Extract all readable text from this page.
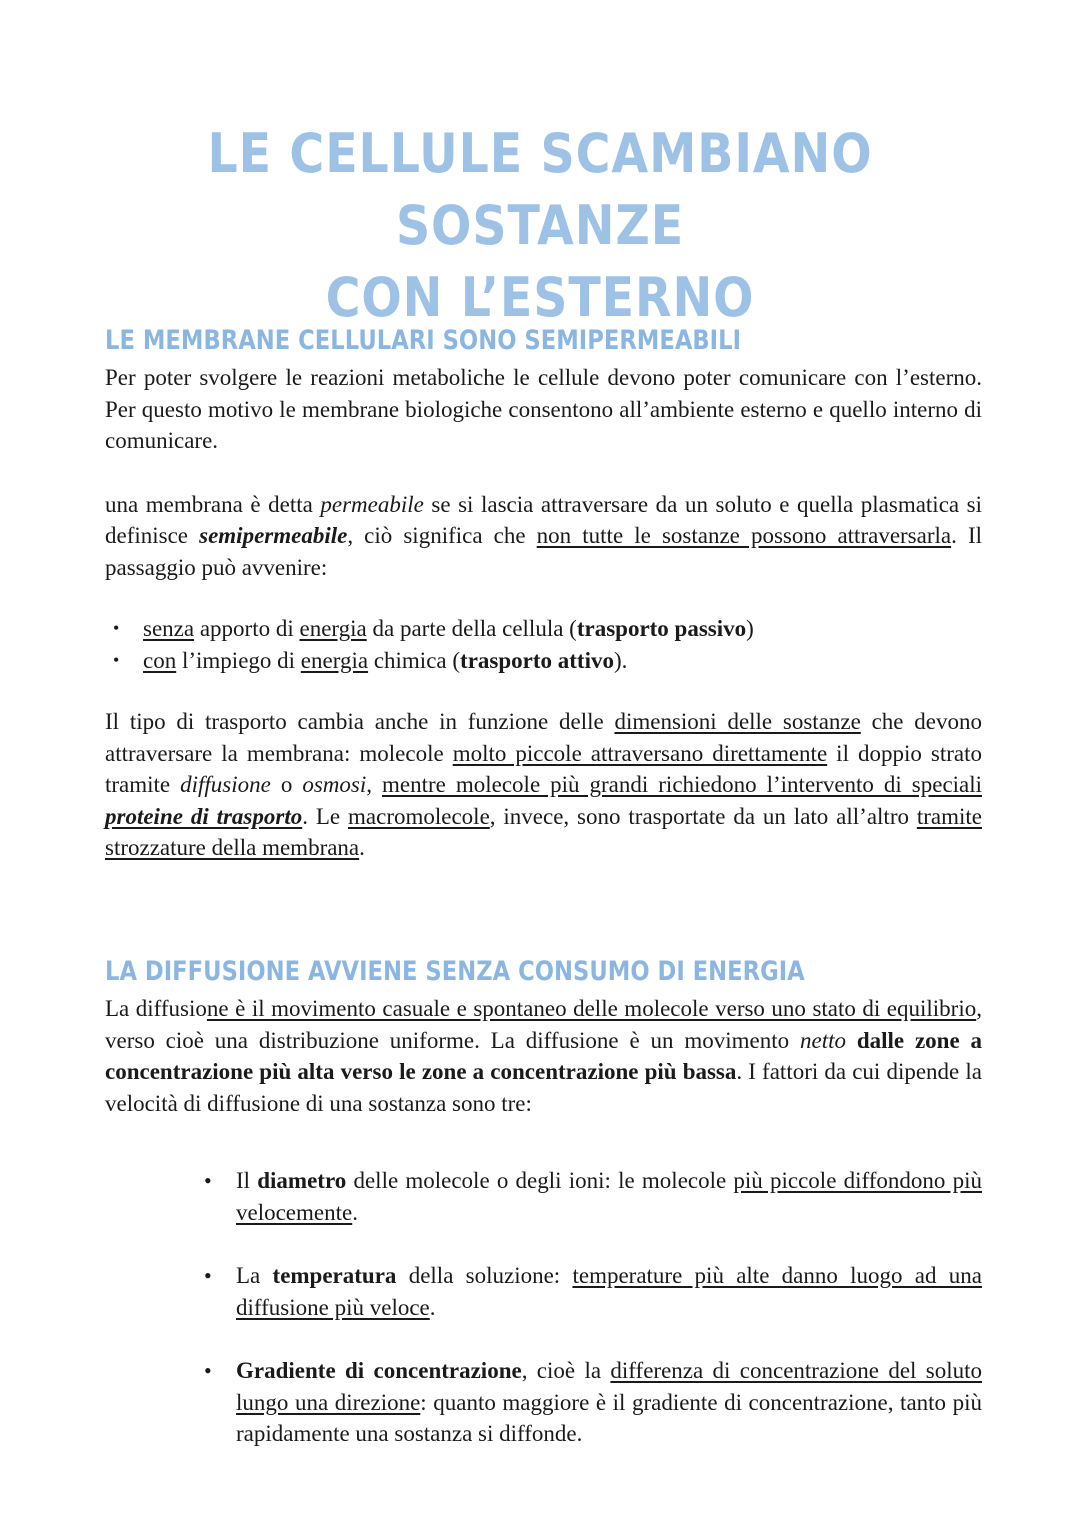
LE CELLULE SCAMBIANO SOSTANZE
CON L’ESTERNO
LE MEMBRANE CELLULARI SONO SEMIPERMEABILI

Per poter svolgere le reazioni metaboliche le cellule devono poter comunicare con l’esterno. Per questo motivo le membrane biologiche consentono all’ambiente esterno e quello interno di comunicare.

una membrana è detta permeabile se si lascia attraversare da un soluto e quella plasmatica si definisce semipermeabile, ciò significa che non tutte le sostanze possono attraversarla. Il passaggio può avvenire:

• senza apporto di energia da parte della cellula (trasporto passivo)
• con l’impiego di energia chimica (trasporto attivo).

Il tipo di trasporto cambia anche in funzione delle dimensioni delle sostanze che devono attraversare la membrana: molecole molto piccole attraversano direttamente il doppio strato tramite diffusione o osmosi, mentre molecole più grandi richiedono l’intervento di speciali proteine di trasporto. Le macromolecole, invece, sono trasportate da un lato all’altro tramite strozzature della membrana.

LA DIFFUSIONE AVVIENE SENZA CONSUMO DI ENERGIA

La diffusione è il movimento casuale e spontaneo delle molecole verso uno stato di equilibrio, verso cioè una distribuzione uniforme. La diffusione è un movimento netto dalle zone a concentrazione più alta verso le zone a concentrazione più bassa. I fattori da cui dipende la velocità di diffusione di una sostanza sono tre:

• Il diametro delle molecole o degli ioni: le molecole più piccole diffondono più velocemente.
• La temperatura della soluzione: temperature più alte danno luogo ad una diffusione più veloce.
• Gradiente di concentrazione, cioè la differenza di concentrazione del soluto lungo una direzione: quanto maggiore è il gradiente di concentrazione, tanto più rapidamente una sostanza si diffonde.
